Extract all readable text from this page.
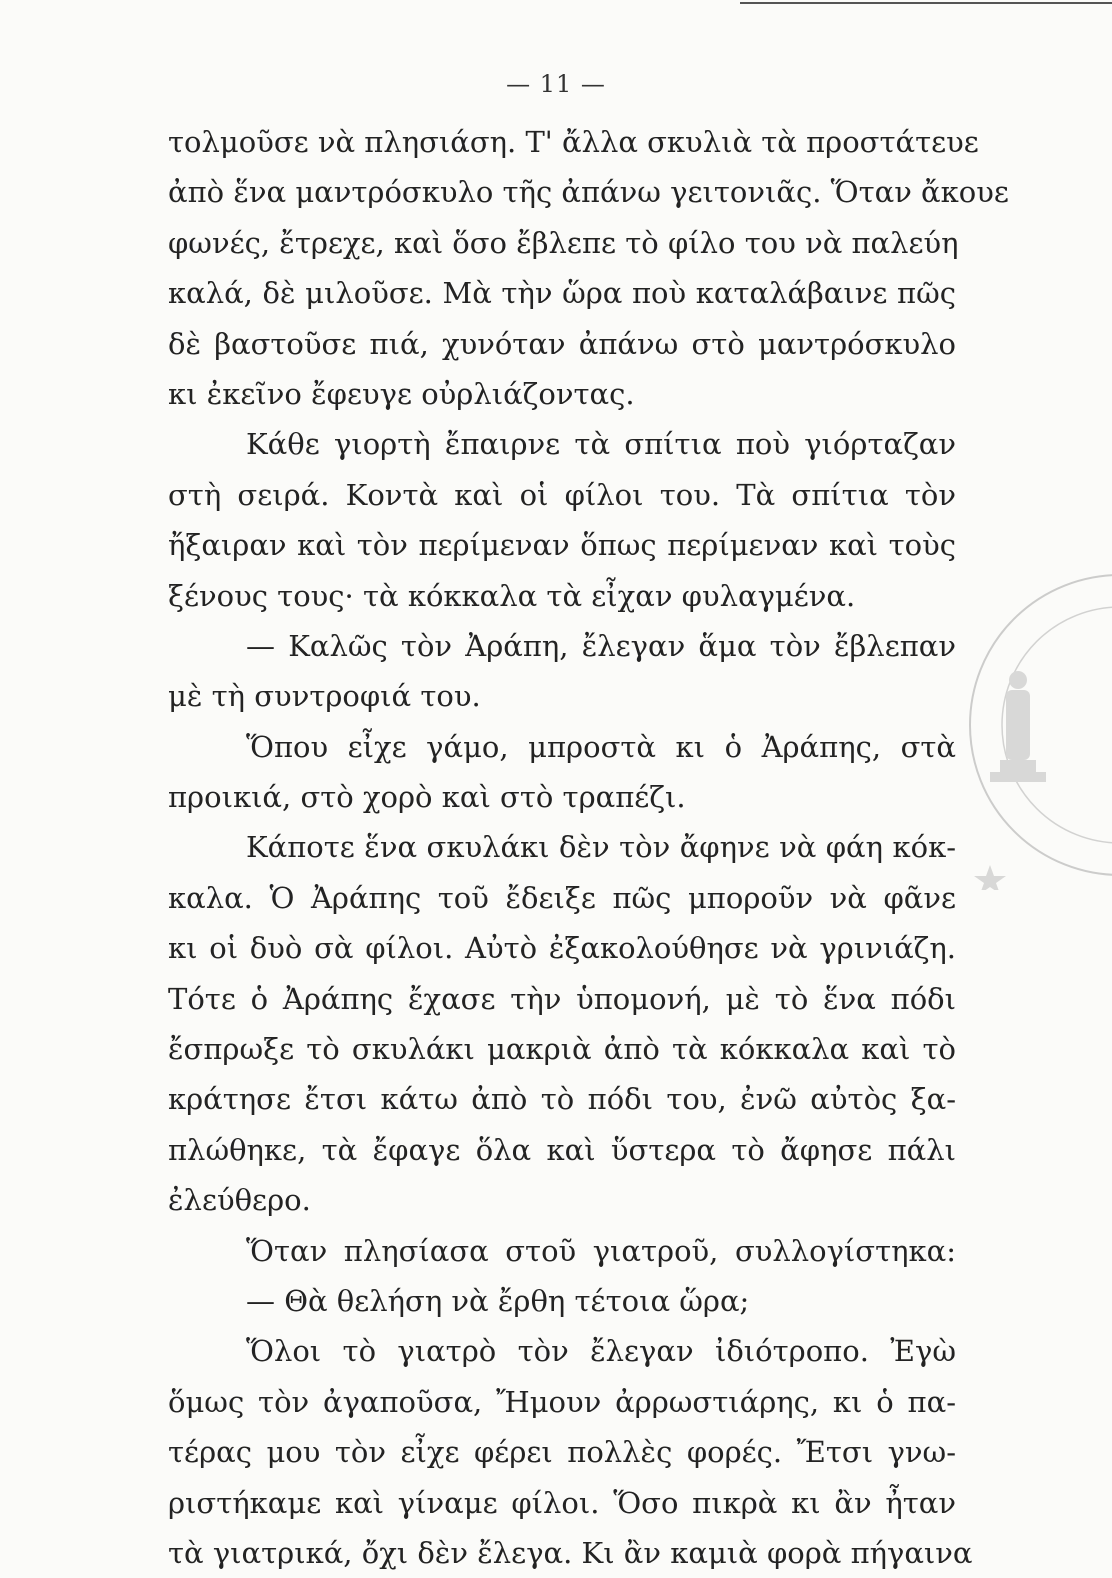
— 11 —
τολμοῦσε νὰ πλησιάση. Τ' ἄλλα σκυλιὰ τὰ προστάτευε
ἀπὸ ἕνα μαντρόσκυλο τῆς ἀπάνω γειτονιᾶς. Ὅταν ἄκουε
φωνές, ἔτρεχε, καὶ ὅσο ἔβλεπε τὸ φίλο του νὰ παλεύη
καλά, δὲ μιλοῦσε. Μὰ τὴν ὥρα ποὺ καταλάβαινε πῶς
δὲ βαστοῦσε πιά, χυνόταν ἀπάνω στὸ μαντρόσκυλο
κι ἐκεῖνο ἔφευγε οὐρλιάζοντας.
Κάθε γιορτὴ ἔπαιρνε τὰ σπίτια ποὺ γιόρταζαν
στὴ σειρά. Κοντὰ καὶ οἱ φίλοι του. Τὰ σπίτια τὸν
ἤξαιραν καὶ τὸν περίμεναν ὅπως περίμεναν καὶ τοὺς
ξένους τους· τὰ κόκκαλα τὰ εἶχαν φυλαγμένα.
— Καλῶς τὸν Ἀράπη, ἔλεγαν ἅμα τὸν ἔβλεπαν
μὲ τὴ συντροφιά του.
Ὅπου εἶχε γάμο, μπροστὰ κι ὁ Ἀράπης, στὰ
προικιά, στὸ χορὸ καὶ στὸ τραπέζι.
Κάποτε ἕνα σκυλάκι δὲν τὸν ἄφηνε νὰ φάη κόκ-
καλα. Ὁ Ἀράπης τοῦ ἔδειξε πῶς μποροῦν νὰ φᾶνε
κι οἱ δυὸ σὰ φίλοι. Αὐτὸ ἐξακολούθησε νὰ γρινιάζη.
Τότε ὁ Ἀράπης ἔχασε τὴν ὑπομονή, μὲ τὸ ἕνα πόδι
ἔσπρωξε τὸ σκυλάκι μακριὰ ἀπὸ τὰ κόκκαλα καὶ τὸ
κράτησε ἔτσι κάτω ἀπὸ τὸ πόδι του, ἐνῶ αὐτὸς ξα-
πλώθηκε, τὰ ἔφαγε ὅλα καὶ ὕστερα τὸ ἄφησε πάλι
ἐλεύθερο.
Ὅταν πλησίασα στοῦ γιατροῦ, συλλογίστηκα:
— Θὰ θελήση νὰ ἔρθη τέτοια ὥρα;
Ὅλοι τὸ γιατρὸ τὸν ἔλεγαν ἰδιότροπο. Ἐγὼ
ὅμως τὸν ἀγαποῦσα, Ἤμουν ἀρρωστιάρης, κι ὁ πα-
τέρας μου τὸν εἶχε φέρει πολλὲς φορές. Ἔτσι γνω-
ριστήκαμε καὶ γίναμε φίλοι. Ὅσο πικρὰ κι ἂν ἦταν
τὰ γιατρικά, ὄχι δὲν ἔλεγα. Κι ἂν καμιὰ φορὰ πήγαινα
